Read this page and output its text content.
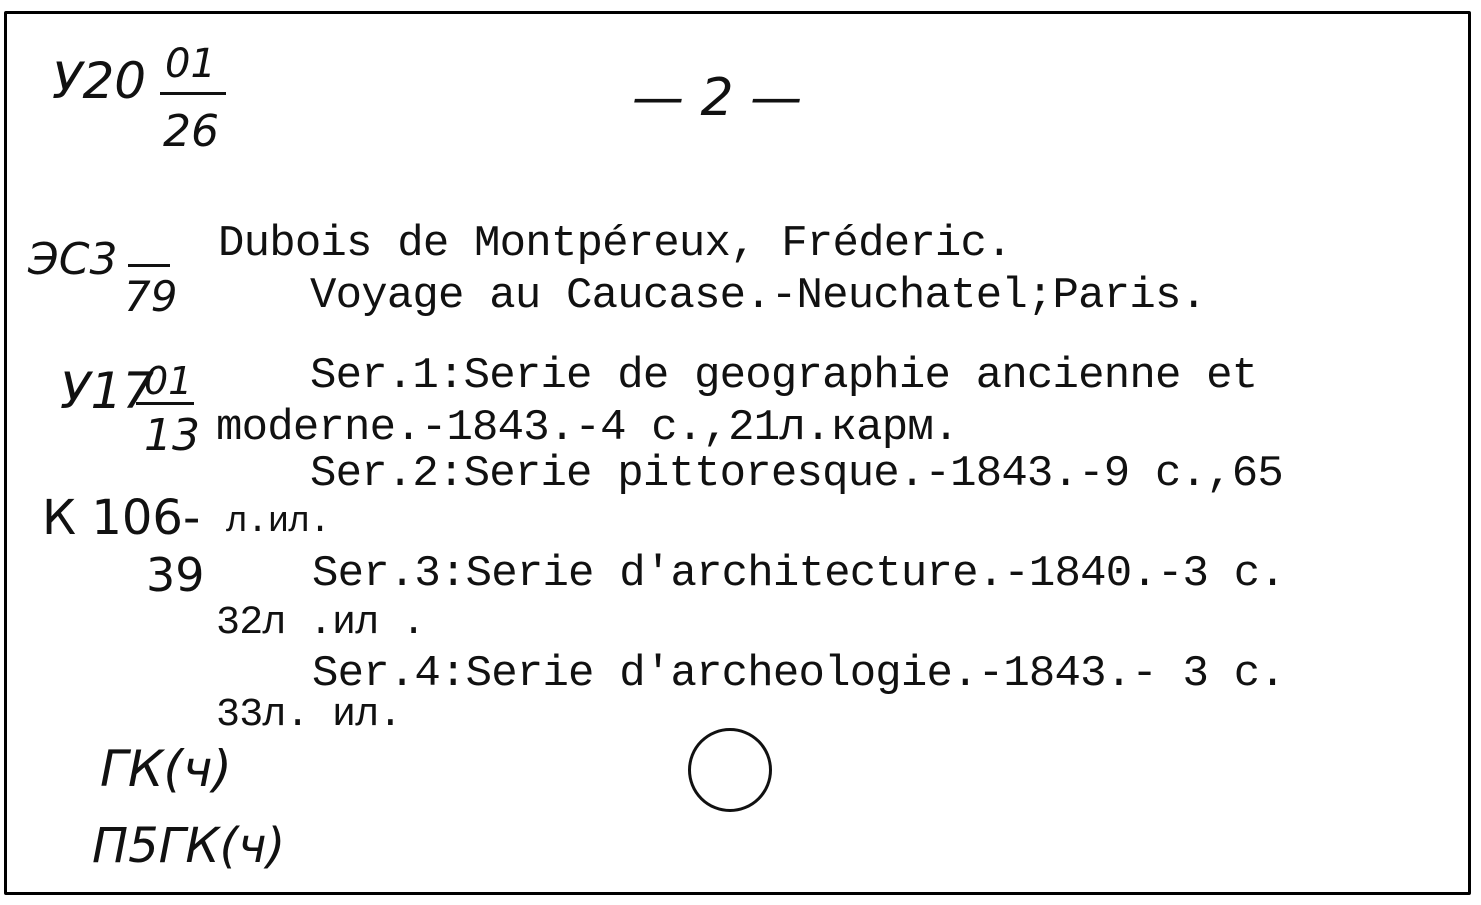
У20 01
26
— 2 —
ЭС3
79
У17
01
13
К 106-
39
Dubois de Montpéreux, Fréderic.
Voyage au Caucase.-Neuchatel;Paris.
Ser.1:Serie de geographie ancienne et
moderne.-1843.-4 c.,21л.карм.
Ser.2:Serie pittoresque.-1843.-9 c.,65
л.ил.
Ser.3:Serie d'architecture.-1840.-3 c.
32л .ил .
Ser.4:Serie d'archeologie.-1843.- 3 c.
33л. ил.
ГК(ч)
П5ГК(ч)
